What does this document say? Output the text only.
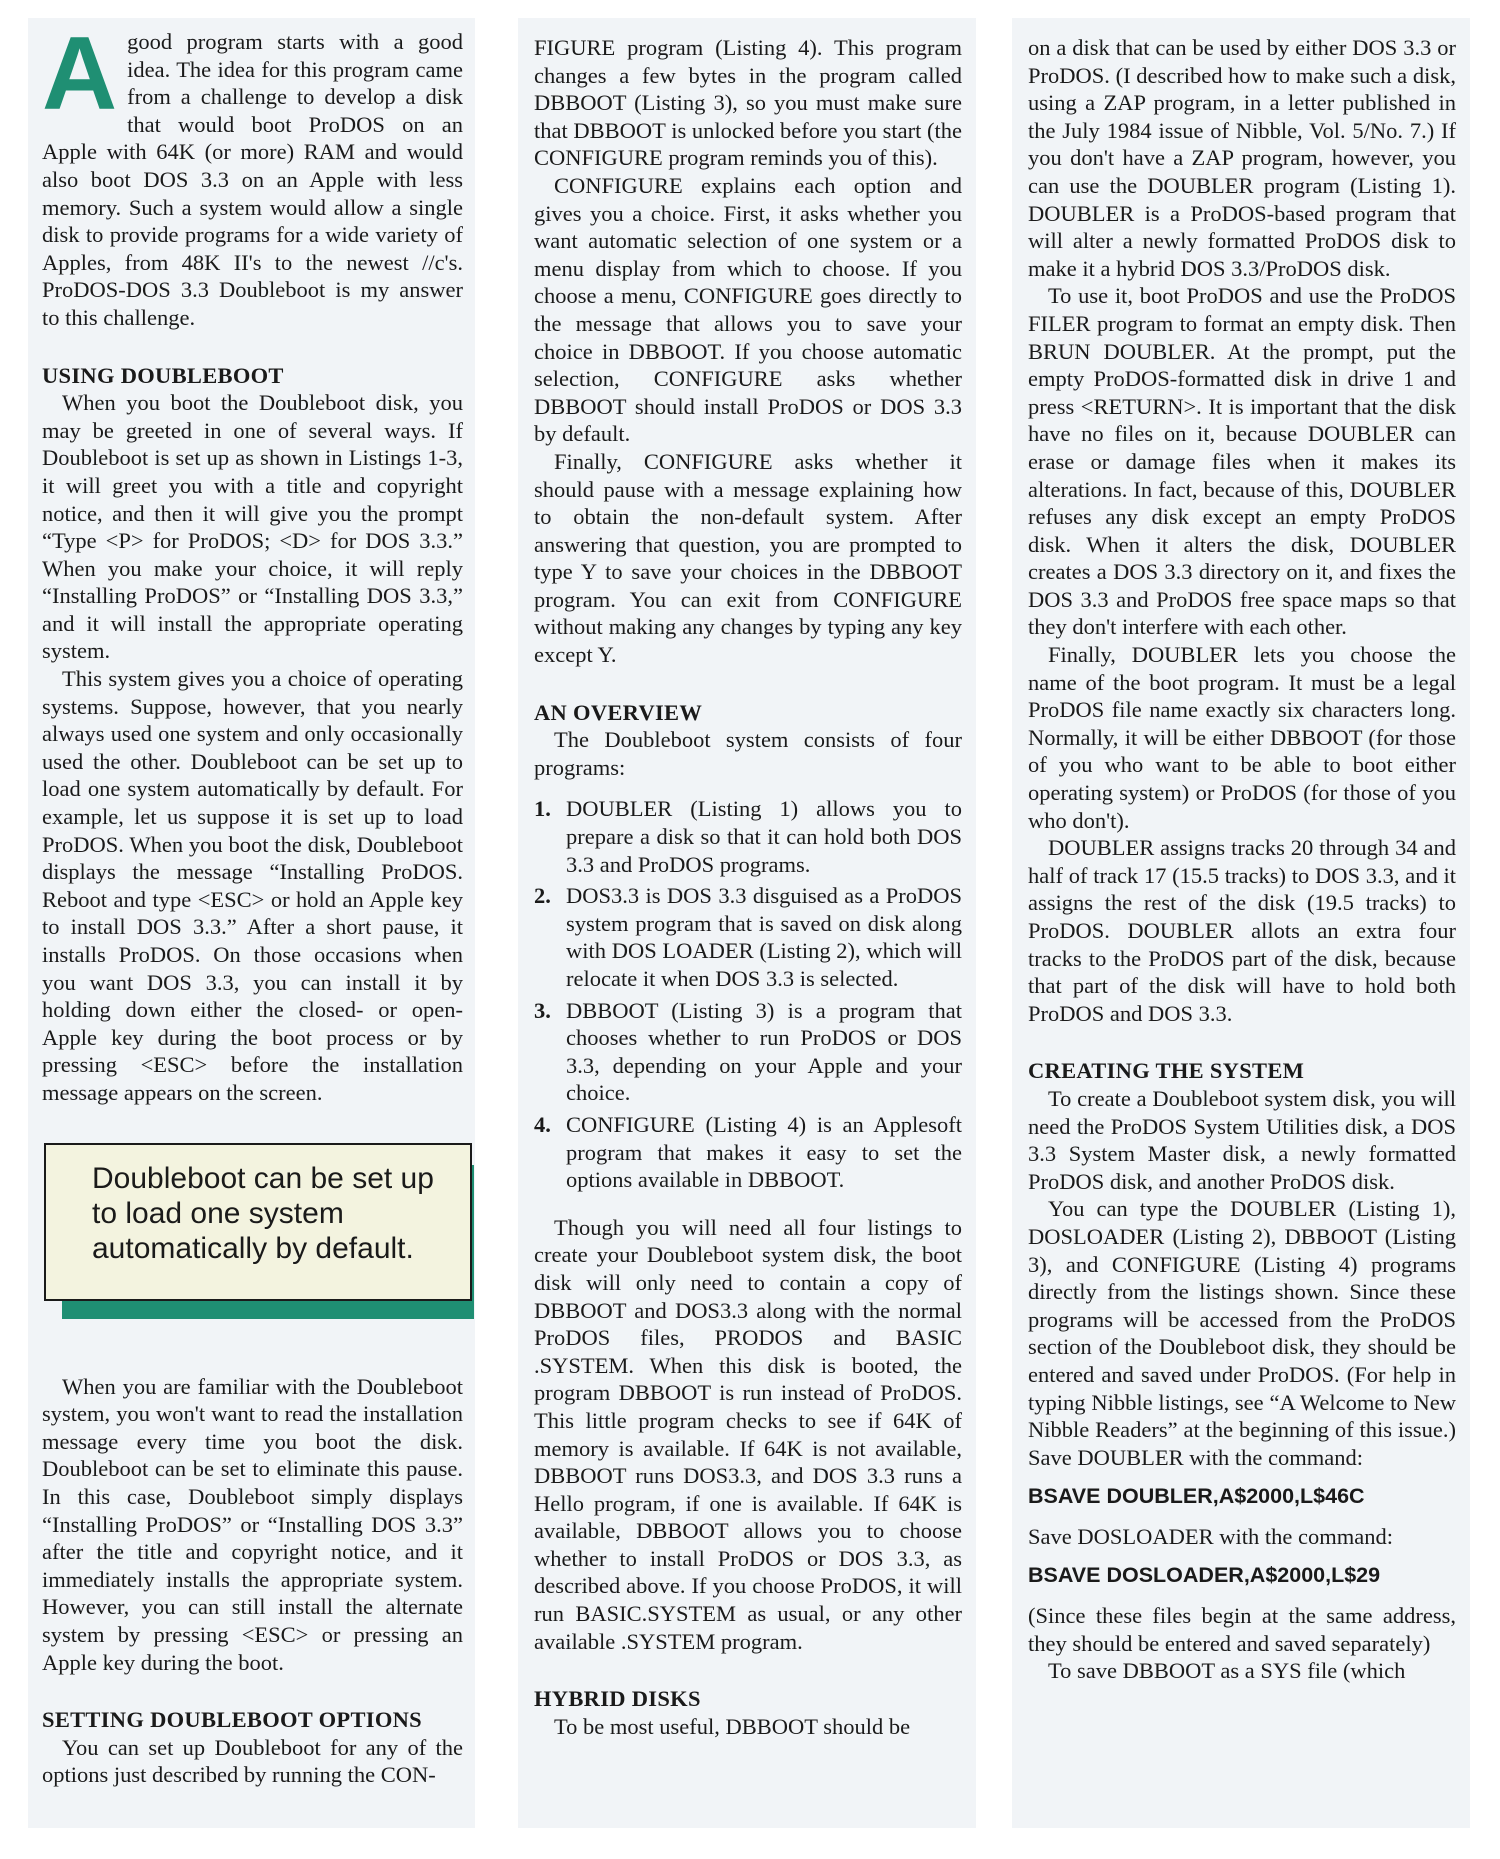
A good program starts with a good idea. The idea for this program came from a challenge to develop a disk that would boot ProDOS on an Apple with 64K (or more) RAM and would also boot DOS 3.3 on an Apple with less memory. Such a system would allow a single disk to provide programs for a wide variety of Apples, from 48K II's to the newest //c's. ProDOS-DOS 3.3 Doubleboot is my answer to this challenge.

USING DOUBLEBOOT

When you boot the Doubleboot disk, you may be greeted in one of several ways. If Doubleboot is set up as shown in Listings 1-3, it will greet you with a title and copyright notice, and then it will give you the prompt “Type <P> for ProDOS; <D> for DOS 3.3.” When you make your choice, it will reply “Installing ProDOS” or “Installing DOS 3.3,” and it will install the appropriate operating system.

This system gives you a choice of operating systems. Suppose, however, that you nearly always used one system and only occasionally used the other. Doubleboot can be set up to load one system automatically by default. For example, let us suppose it is set up to load ProDOS. When you boot the disk, Doubleboot displays the message “Installing ProDOS. Reboot and type <ESC> or hold an Apple key to install DOS 3.3.” After a short pause, it installs ProDOS. On those occasions when you want DOS 3.3, you can install it by holding down either the closed- or open-Apple key during the boot process or by pressing <ESC> before the installation message appears on the screen.

Doubleboot can be set up to load one system automatically by default.

When you are familiar with the Doubleboot system, you won't want to read the installation message every time you boot the disk. Doubleboot can be set to eliminate this pause. In this case, Doubleboot simply displays “Installing ProDOS” or “Installing DOS 3.3” after the title and copyright notice, and it immediately installs the appropriate system. However, you can still install the alternate system by pressing <ESC> or pressing an Apple key during the boot.

SETTING DOUBLEBOOT OPTIONS

You can set up Doubleboot for any of the options just described by running the CON-

FIGURE program (Listing 4). This program changes a few bytes in the program called DBBOOT (Listing 3), so you must make sure that DBBOOT is unlocked before you start (the CONFIGURE program reminds you of this).

CONFIGURE explains each option and gives you a choice. First, it asks whether you want automatic selection of one system or a menu display from which to choose. If you choose a menu, CONFIGURE goes directly to the message that allows you to save your choice in DBBOOT. If you choose automatic selection, CONFIGURE asks whether DBBOOT should install ProDOS or DOS 3.3 by default.

Finally, CONFIGURE asks whether it should pause with a message explaining how to obtain the non-default system. After answering that question, you are prompted to type Y to save your choices in the DBBOOT program. You can exit from CONFIGURE without making any changes by typing any key except Y.

AN OVERVIEW

The Doubleboot system consists of four programs:

1. DOUBLER (Listing 1) allows you to prepare a disk so that it can hold both DOS 3.3 and ProDOS programs.

2. DOS3.3 is DOS 3.3 disguised as a ProDOS system program that is saved on disk along with DOS LOADER (Listing 2), which will relocate it when DOS 3.3 is selected.

3. DBBOOT (Listing 3) is a program that chooses whether to run ProDOS or DOS 3.3, depending on your Apple and your choice.

4. CONFIGURE (Listing 4) is an Applesoft program that makes it easy to set the options available in DBBOOT.

Though you will need all four listings to create your Doubleboot system disk, the boot disk will only need to contain a copy of DBBOOT and DOS3.3 along with the normal ProDOS files, PRODOS and BASIC .SYSTEM. When this disk is booted, the program DBBOOT is run instead of ProDOS. This little program checks to see if 64K of memory is available. If 64K is not available, DBBOOT runs DOS3.3, and DOS 3.3 runs a Hello program, if one is available. If 64K is available, DBBOOT allows you to choose whether to install ProDOS or DOS 3.3, as described above. If you choose ProDOS, it will run BASIC.SYSTEM as usual, or any other available .SYSTEM program.

HYBRID DISKS

To be most useful, DBBOOT should be

on a disk that can be used by either DOS 3.3 or ProDOS. (I described how to make such a disk, using a ZAP program, in a letter published in the July 1984 issue of Nibble, Vol. 5/No. 7.) If you don't have a ZAP program, however, you can use the DOUBLER program (Listing 1). DOUBLER is a ProDOS-based program that will alter a newly formatted ProDOS disk to make it a hybrid DOS 3.3/ProDOS disk.

To use it, boot ProDOS and use the ProDOS FILER program to format an empty disk. Then BRUN DOUBLER. At the prompt, put the empty ProDOS-formatted disk in drive 1 and press <RETURN>. It is important that the disk have no files on it, because DOUBLER can erase or damage files when it makes its alterations. In fact, because of this, DOUBLER refuses any disk except an empty ProDOS disk. When it alters the disk, DOUBLER creates a DOS 3.3 directory on it, and fixes the DOS 3.3 and ProDOS free space maps so that they don't interfere with each other.

Finally, DOUBLER lets you choose the name of the boot program. It must be a legal ProDOS file name exactly six characters long. Normally, it will be either DBBOOT (for those of you who want to be able to boot either operating system) or ProDOS (for those of you who don't).

DOUBLER assigns tracks 20 through 34 and half of track 17 (15.5 tracks) to DOS 3.3, and it assigns the rest of the disk (19.5 tracks) to ProDOS. DOUBLER allots an extra four tracks to the ProDOS part of the disk, because that part of the disk will have to hold both ProDOS and DOS 3.3.

CREATING THE SYSTEM

To create a Doubleboot system disk, you will need the ProDOS System Utilities disk, a DOS 3.3 System Master disk, a newly formatted ProDOS disk, and another ProDOS disk.

You can type the DOUBLER (Listing 1), DOSLOADER (Listing 2), DBBOOT (Listing 3), and CONFIGURE (Listing 4) programs directly from the listings shown. Since these programs will be accessed from the ProDOS section of the Doubleboot disk, they should be entered and saved under ProDOS. (For help in typing Nibble listings, see “A Welcome to New Nibble Readers” at the beginning of this issue.) Save DOUBLER with the command:

BSAVE DOUBLER,A$2000,L$46C

Save DOSLOADER with the command:

BSAVE DOSLOADER,A$2000,L$29

(Since these files begin at the same address, they should be entered and saved separately)

To save DBBOOT as a SYS file (which
